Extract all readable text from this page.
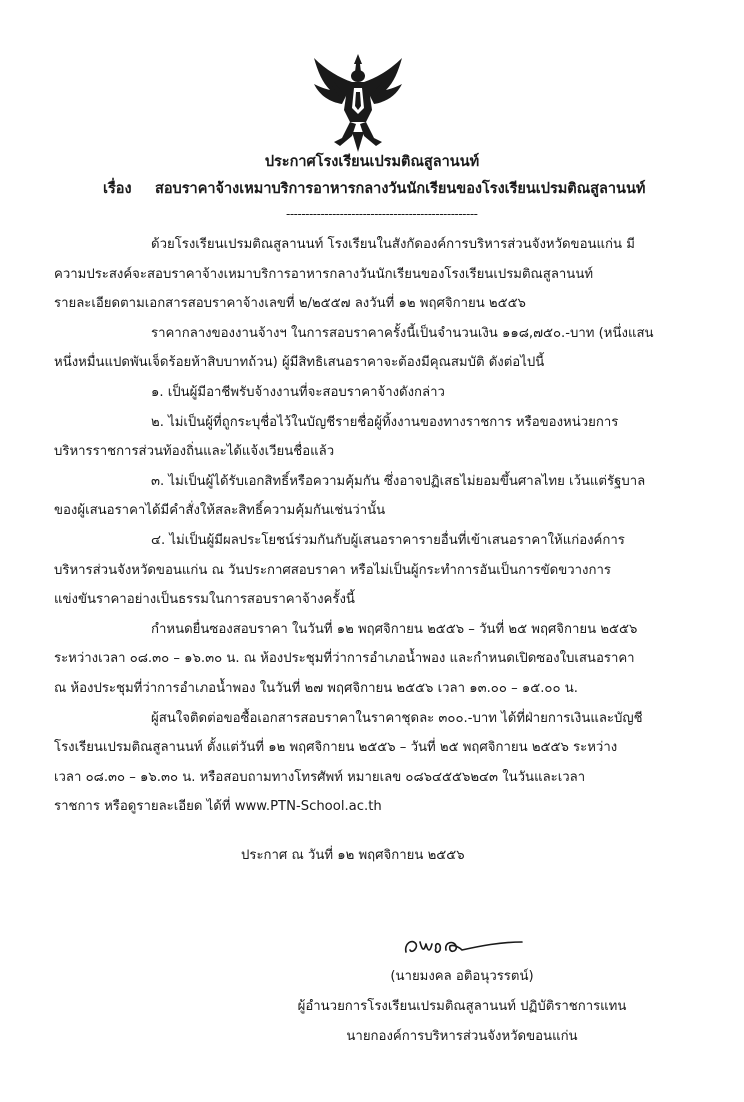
ประกาศโรงเรียนเปรมติณสูลานนท์
เรื่อง สอบราคาจ้างเหมาบริการอาหารกลางวันนักเรียนของโรงเรียนเปรมติณสูลานนท์
--------------------------------------------------
ด้วยโรงเรียนเปรมติณสูลานนท์ โรงเรียนในสังกัดองค์การบริหารส่วนจังหวัดขอนแก่น มี
ความประสงค์จะสอบราคาจ้างเหมาบริการอาหารกลางวันนักเรียนของโรงเรียนเปรมติณสูลานนท์
รายละเอียดตามเอกสารสอบราคาจ้างเลขที่ ๒/๒๕๕๗ ลงวันที่ ๑๒ พฤศจิกายน ๒๕๕๖
ราคากลางของงานจ้างฯ ในการสอบราคาครั้งนี้เป็นจำนวนเงิน ๑๑๘,๗๕๐.-บาท (หนึ่งแสน
หนึ่งหมื่นแปดพันเจ็ดร้อยห้าสิบบาทถ้วน) ผู้มีสิทธิเสนอราคาจะต้องมีคุณสมบัติ ดังต่อไปนี้
๑. เป็นผู้มีอาชีพรับจ้างงานที่จะสอบราคาจ้างดังกล่าว
๒. ไม่เป็นผู้ที่ถูกระบุชื่อไว้ในบัญชีรายชื่อผู้ทิ้งงานของทางราชการ หรือของหน่วยการ
บริหารราชการส่วนท้องถิ่นและได้แจ้งเวียนชื่อแล้ว
๓. ไม่เป็นผู้ได้รับเอกสิทธิ์หรือความคุ้มกัน ซึ่งอาจปฏิเสธไม่ยอมขึ้นศาลไทย เว้นแต่รัฐบาล
ของผู้เสนอราคาได้มีคำสั่งให้สละสิทธิ์ความคุ้มกันเช่นว่านั้น
๔. ไม่เป็นผู้มีผลประโยชน์ร่วมกันกับผู้เสนอราคารายอื่นที่เข้าเสนอราคาให้แก่องค์การ
บริหารส่วนจังหวัดขอนแก่น ณ วันประกาศสอบราคา หรือไม่เป็นผู้กระทำการอันเป็นการขัดขวางการ
แข่งขันราคาอย่างเป็นธรรมในการสอบราคาจ้างครั้งนี้
กำหนดยื่นซองสอบราคา ในวันที่ ๑๒ พฤศจิกายน ๒๕๕๖ – วันที่ ๒๕ พฤศจิกายน ๒๕๕๖
ระหว่างเวลา ๐๘.๓๐ – ๑๖.๓๐ น. ณ ห้องประชุมที่ว่าการอำเภอน้ำพอง และกำหนดเปิดซองใบเสนอราคา
ณ ห้องประชุมที่ว่าการอำเภอน้ำพอง ในวันที่ ๒๗ พฤศจิกายน ๒๕๕๖ เวลา ๑๓.๐๐ – ๑๕.๐๐ น.
ผู้สนใจติดต่อขอซื้อเอกสารสอบราคาในราคาชุดละ ๓๐๐.-บาท ได้ที่ฝ่ายการเงินและบัญชี
โรงเรียนเปรมติณสูลานนท์ ตั้งแต่วันที่ ๑๒ พฤศจิกายน ๒๕๕๖ – วันที่ ๒๕ พฤศจิกายน ๒๕๕๖ ระหว่าง
เวลา ๐๘.๓๐ – ๑๖.๓๐ น. หรือสอบถามทางโทรศัพท์ หมายเลข ๐๘๖๔๕๕๖๒๔๓ ในวันและเวลา
ราชการ หรือดูรายละเอียด ได้ที่ www.PTN-School.ac.th
ประกาศ ณ วันที่ ๑๒ พฤศจิกายน ๒๕๕๖
(นายมงคล อติอนุวรรตน์)
ผู้อำนวยการโรงเรียนเปรมติณสูลานนท์ ปฏิบัติราชการแทน
นายกองค์การบริหารส่วนจังหวัดขอนแก่น
